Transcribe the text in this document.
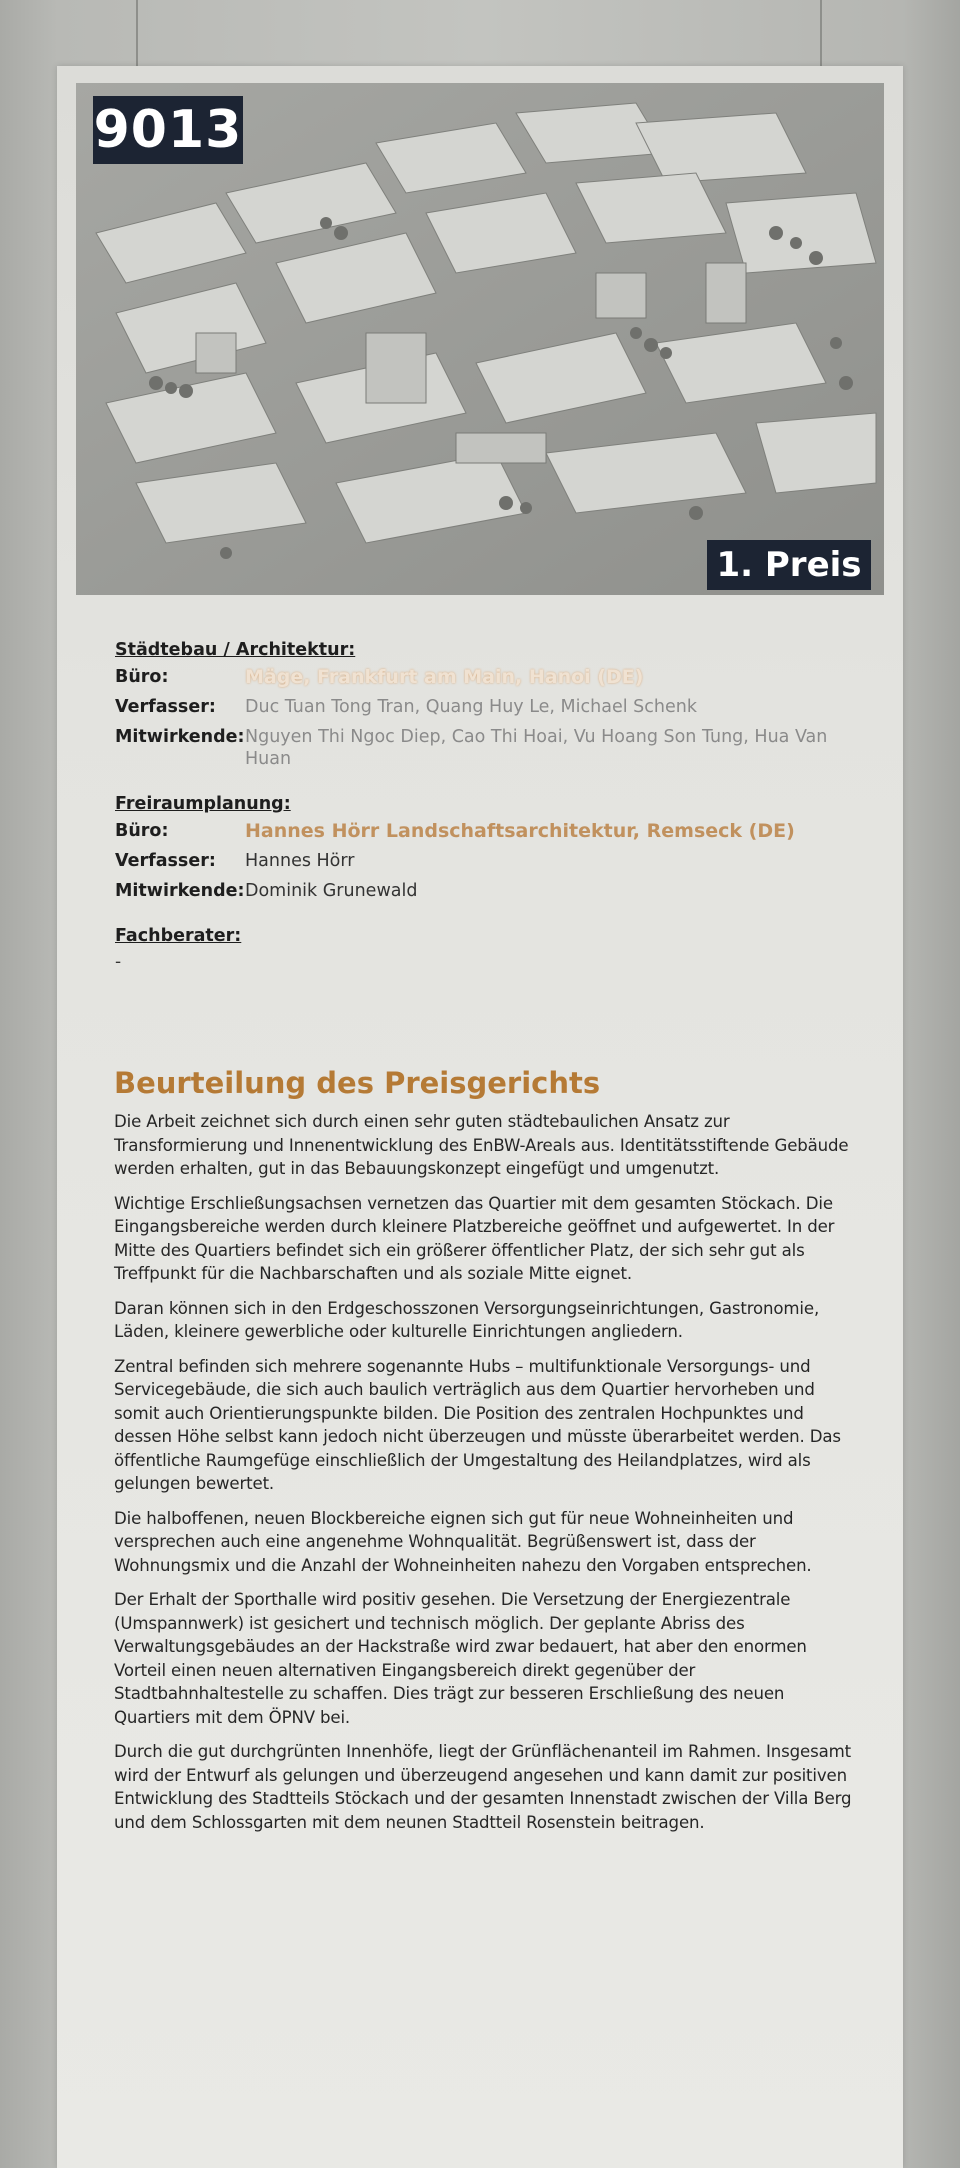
9013
1. Preis
Städtebau / Architektur:
Büro:	Mäge, Frankfurt am Main, Hanoi (DE)
Verfasser:	Duc Tuan Tong Tran, Quang Huy Le, Michael Schenk
Mitwirkende: Nguyen Thi Ngoc Diep, Cao Thi Hoai, Vu Hoang Son Tung, Hua Van Huan
Freiraumplanung:
Büro:	Hannes Hörr Landschaftsarchitektur, Remseck (DE)
Verfasser:	Hannes Hörr
Mitwirkende: Dominik Grunewald
Fachberater:
-
Beurteilung des Preisgerichts

Die Arbeit zeichnet sich durch einen sehr guten städtebaulichen Ansatz zur Transformierung und Innenentwicklung des EnBW-Areals aus. Identitätsstiftende Gebäude werden erhalten, gut in das Bebauungskonzept eingefügt und umgenutzt.

Wichtige Erschließungsachsen vernetzen das Quartier mit dem gesamten Stöckach. Die Eingangsbereiche werden durch kleinere Platzbereiche geöffnet und aufgewertet. In der Mitte des Quartiers befindet sich ein größerer öffentlicher Platz, der sich sehr gut als Treffpunkt für die Nachbarschaften und als soziale Mitte eignet.

Daran können sich in den Erdgeschosszonen Versorgungseinrichtungen, Gastronomie, Läden, kleinere gewerbliche oder kulturelle Einrichtungen angliedern.

Zentral befinden sich mehrere sogenannte Hubs – multifunktionale Versorgungs- und Servicegebäude, die sich auch baulich verträglich aus dem Quartier hervorheben und somit auch Orientierungspunkte bilden. Die Position des zentralen Hochpunktes und dessen Höhe selbst kann jedoch nicht überzeugen und müsste überarbeitet werden. Das öffentliche Raumgefüge einschließlich der Umgestaltung des Heilandplatzes, wird als gelungen bewertet.

Die halboffenen, neuen Blockbereiche eignen sich gut für neue Wohneinheiten und versprechen auch eine angenehme Wohnqualität. Begrüßenswert ist, dass der Wohnungsmix und die Anzahl der Wohneinheiten nahezu den Vorgaben entsprechen.

Der Erhalt der Sporthalle wird positiv gesehen. Die Versetzung der Energiezentrale (Umspannwerk) ist gesichert und technisch möglich. Der geplante Abriss des Verwaltungsgebäudes an der Hackstraße wird zwar bedauert, hat aber den enormen Vorteil einen neuen alternativen Eingangsbereich direkt gegenüber der Stadtbahnhaltestelle zu schaffen. Dies trägt zur besseren Erschließung des neuen Quartiers mit dem ÖPNV bei.

Durch die gut durchgrünten Innenhöfe, liegt der Grünflächenanteil im Rahmen. Insgesamt wird der Entwurf als gelungen und überzeugend angesehen und kann damit zur positiven Entwicklung des Stadtteils Stöckach und der gesamten Innenstadt zwischen der Villa Berg und dem Schlossgarten mit dem neunen Stadtteil Rosenstein beitragen.
